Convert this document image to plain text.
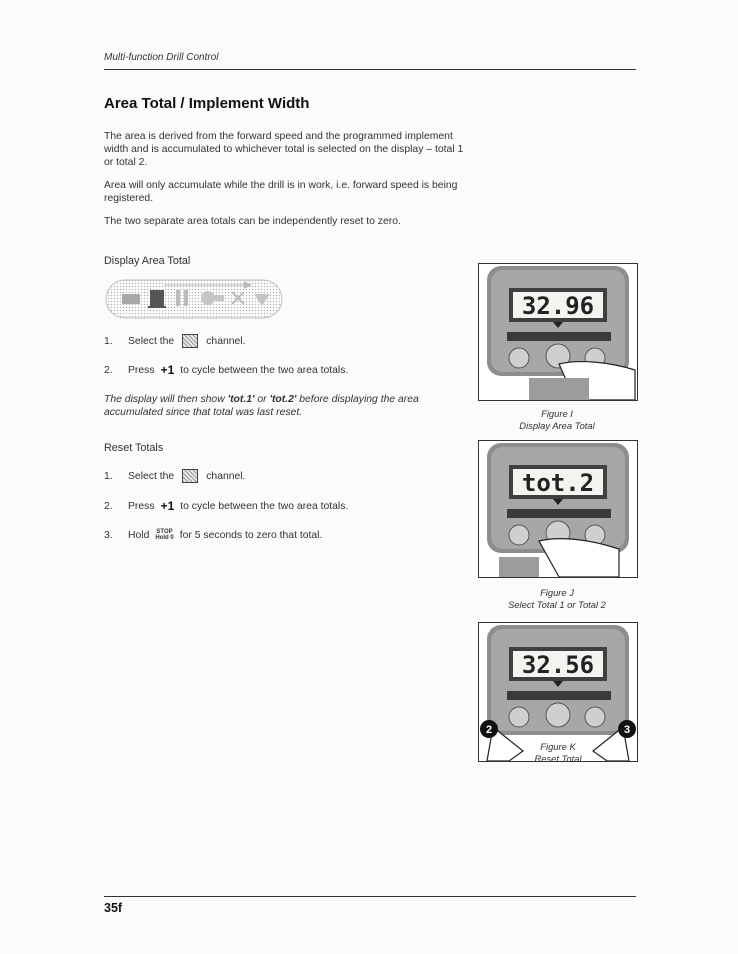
Multi-function Drill Control
Area Total / Implement Width

The area is derived from the forward speed and the programmed implement width and is accumulated to whichever total is selected on the display – total 1 or total 2.

Area will only accumulate while the drill is in work, i.e. forward speed is being registered.

The two separate area totals can be independently reset to zero.

Display Area Total
1.	Select the	channel.
2.	Press +1 to cycle between the two area totals.

The display will then show 'tot.1' or 'tot.2' before displaying the area accumulated since that total was last reset.

Reset Totals
1.	Select the	channel.
2.	Press +1 to cycle between the two area totals.
3.	Hold STOP
Hold 0 for 5 seconds to zero that total.
32.96
Figure I
Display Area Total
tot.2
Figure J
Select Total 1 or Total 2
32.56
2	3
Figure K
Reset Total
35f
